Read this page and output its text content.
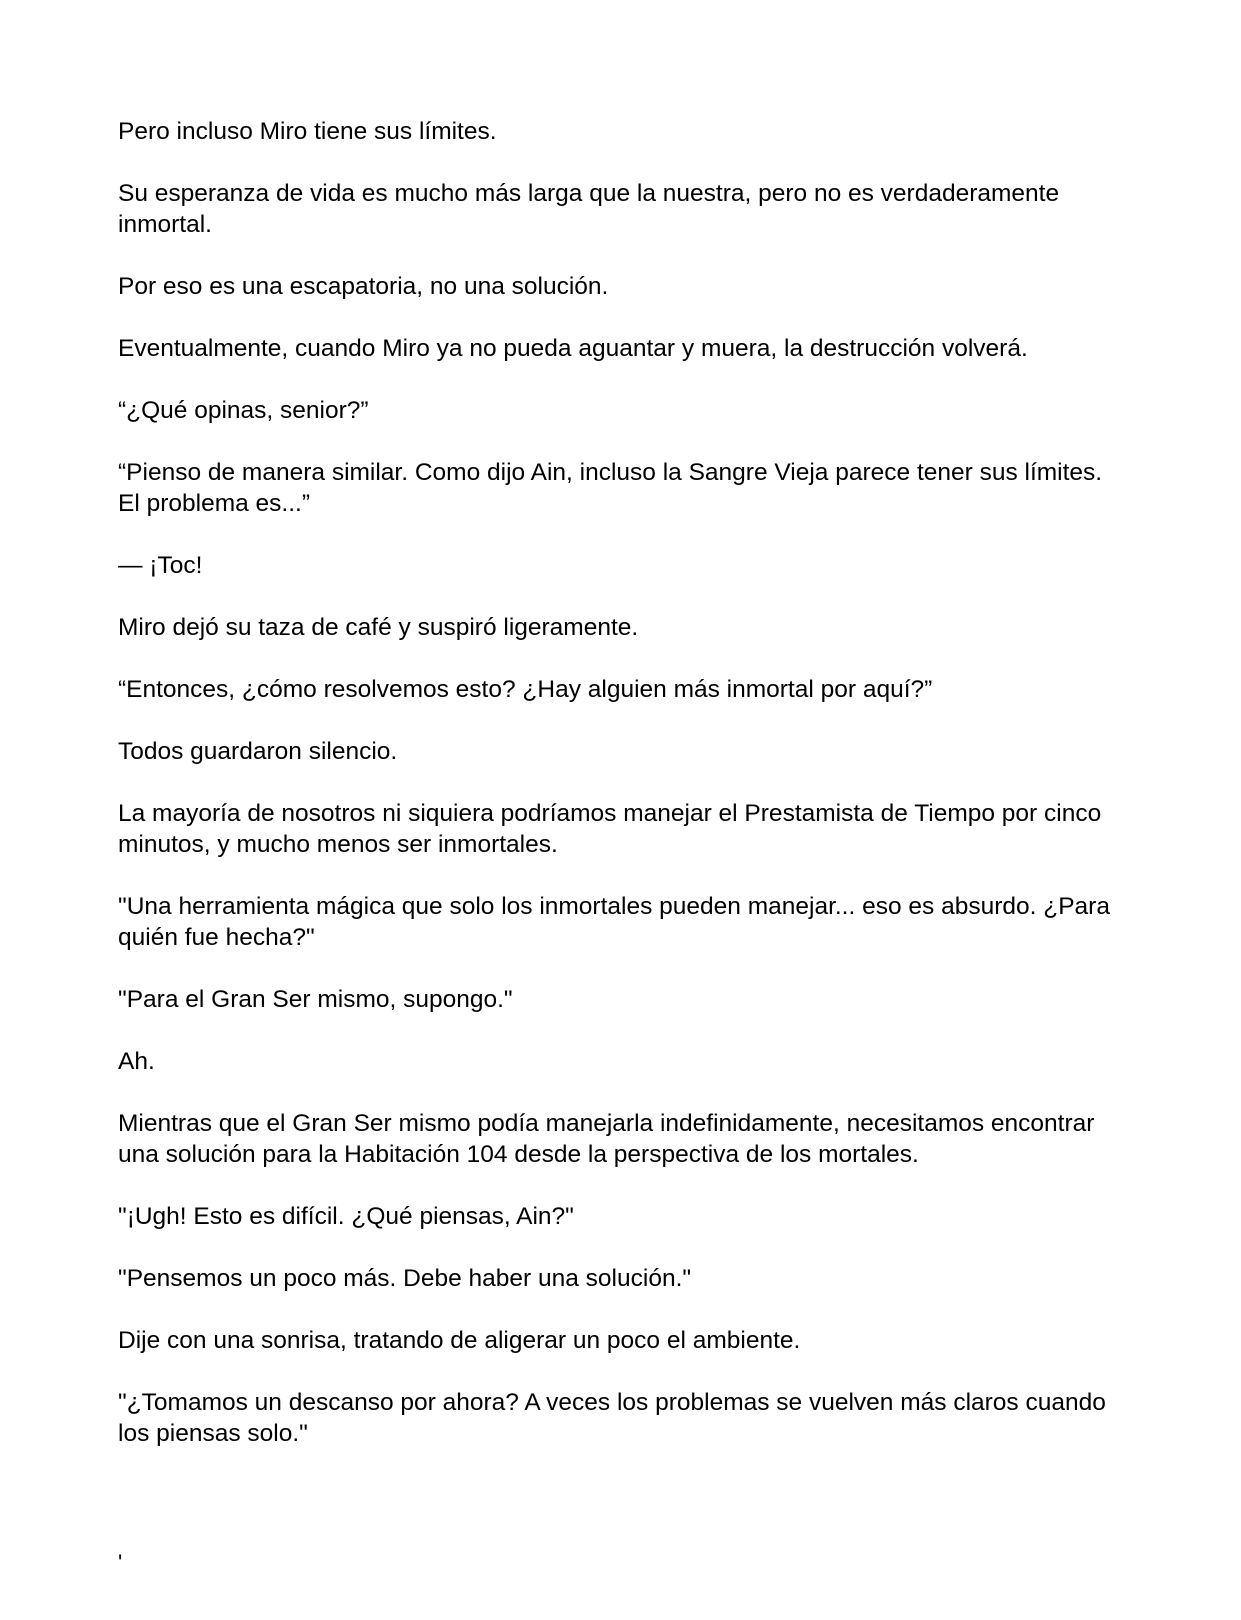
Pero incluso Miro tiene sus límites.

Su esperanza de vida es mucho más larga que la nuestra, pero no es verdaderamente inmortal.

Por eso es una escapatoria, no una solución.

Eventualmente, cuando Miro ya no pueda aguantar y muera, la destrucción volverá.

“¿Qué opinas, senior?”

“Pienso de manera similar. Como dijo Ain, incluso la Sangre Vieja parece tener sus límites. El problema es...”

— ¡Toc!

Miro dejó su taza de café y suspiró ligeramente.

“Entonces, ¿cómo resolvemos esto? ¿Hay alguien más inmortal por aquí?”

Todos guardaron silencio.

La mayoría de nosotros ni siquiera podríamos manejar el Prestamista de Tiempo por cinco minutos, y mucho menos ser inmortales.

"Una herramienta mágica que solo los inmortales pueden manejar... eso es absurdo. ¿Para quién fue hecha?"

"Para el Gran Ser mismo, supongo."

Ah.

Mientras que el Gran Ser mismo podía manejarla indefinidamente, necesitamos encontrar una solución para la Habitación 104 desde la perspectiva de los mortales.

"¡Ugh! Esto es difícil. ¿Qué piensas, Ain?"

"Pensemos un poco más. Debe haber una solución."

Dije con una sonrisa, tratando de aligerar un poco el ambiente.

"¿Tomamos un descanso por ahora? A veces los problemas se vuelven más claros cuando los piensas solo."

'
